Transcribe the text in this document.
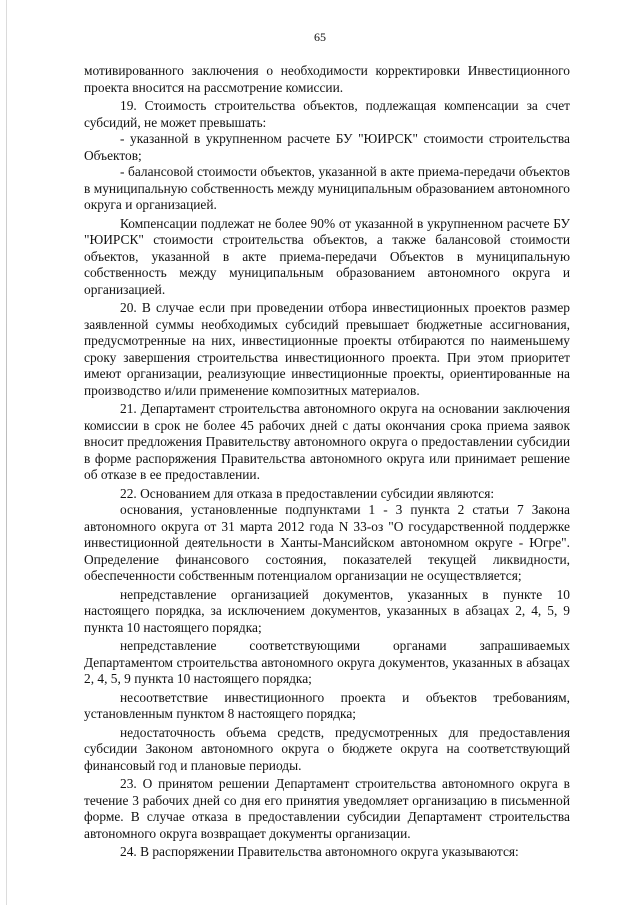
65

мотивированного заключения о необходимости корректировки Инвестиционного проекта вносится на рассмотрение комиссии.

19. Стоимость строительства объектов, подлежащая компенсации за счет субсидий, не может превышать:

- указанной в укрупненном расчете БУ "ЮИРСК" стоимости строительства Объектов;

- балансовой стоимости объектов, указанной в акте приема-передачи объектов в муниципальную собственность между муниципальным образованием автономного округа и организацией.

Компенсации подлежат не более 90% от указанной в укрупненном расчете БУ "ЮИРСК" стоимости строительства объектов, а также балансовой стоимости объектов, указанной в акте приема-передачи Объектов в муниципальную собственность между муниципальным образованием автономного округа и организацией.

20. В случае если при проведении отбора инвестиционных проектов размер заявленной суммы необходимых субсидий превышает бюджетные ассигнования, предусмотренные на них, инвестиционные проекты отбираются по наименьшему сроку завершения строительства инвестиционного проекта. При этом приоритет имеют организации, реализующие инвестиционные проекты, ориентированные на производство и/или применение композитных материалов.

21. Департамент строительства автономного округа на основании заключения комиссии в срок не более 45 рабочих дней с даты окончания срока приема заявок вносит предложения Правительству автономного округа о предоставлении субсидии в форме распоряжения Правительства автономного округа или принимает решение об отказе в ее предоставлении.

22. Основанием для отказа в предоставлении субсидии являются:

основания, установленные подпунктами 1 - 3 пункта 2 статьи 7 Закона автономного округа от 31 марта 2012 года N 33-оз "О государственной поддержке инвестиционной деятельности в Ханты-Мансийском автономном округе - Югре". Определение финансового состояния, показателей текущей ликвидности, обеспеченности собственным потенциалом организации не осуществляется;

непредставление организацией документов, указанных в пункте 10 настоящего порядка, за исключением документов, указанных в абзацах 2, 4, 5, 9 пункта 10 настоящего порядка;

непредставление соответствующими органами запрашиваемых Департаментом строительства автономного округа документов, указанных в абзацах 2, 4, 5, 9 пункта 10 настоящего порядка;

несоответствие инвестиционного проекта и объектов требованиям, установленным пунктом 8 настоящего порядка;

недостаточность объема средств, предусмотренных для предоставления субсидии Законом автономного округа о бюджете округа на соответствующий финансовый год и плановые периоды.

23. О принятом решении Департамент строительства автономного округа в течение 3 рабочих дней со дня его принятия уведомляет организацию в письменной форме. В случае отказа в предоставлении субсидии Департамент строительства автономного округа возвращает документы организации.

24. В распоряжении Правительства автономного округа указываются:
